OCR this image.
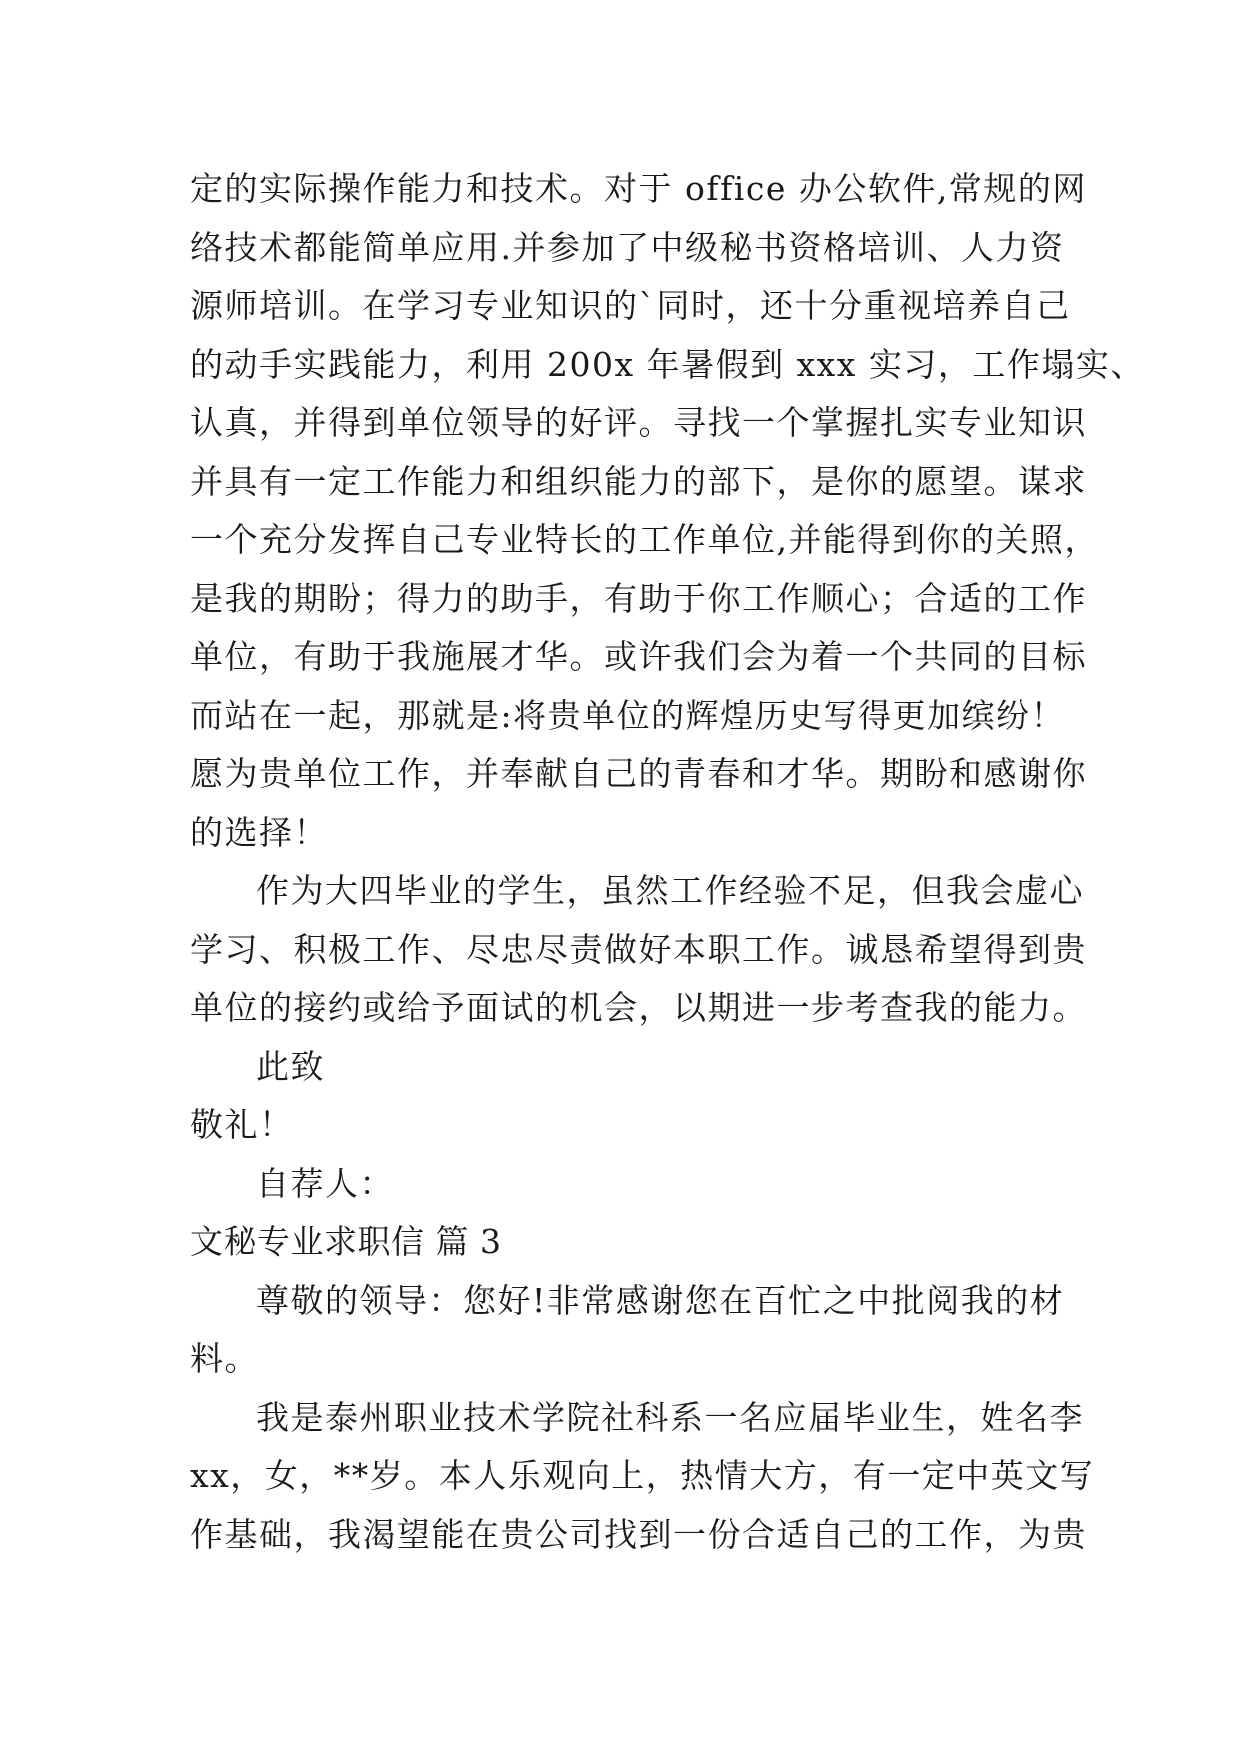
定的实际操作能力和技术。对于 office 办公软件,常规的网
络技术都能简单应用.并参加了中级秘书资格培训、人力资
源师培训。在学习专业知识的`同时，还十分重视培养自己
的动手实践能力，利用 200x 年暑假到 xxx 实习，工作塌实、
认真，并得到单位领导的好评。寻找一个掌握扎实专业知识
并具有一定工作能力和组织能力的部下，是你的愿望。谋求
一个充分发挥自己专业特长的工作单位,并能得到你的关照，
是我的期盼；得力的助手，有助于你工作顺心；合适的工作
单位，有助于我施展才华。或许我们会为着一个共同的目标
而站在一起，那就是:将贵单位的辉煌历史写得更加缤纷！
愿为贵单位工作，并奉献自己的青春和才华。期盼和感谢你
的选择！
作为大四毕业的学生，虽然工作经验不足，但我会虚心
学习、积极工作、尽忠尽责做好本职工作。诚恳希望得到贵
单位的接约或给予面试的机会，以期进一步考查我的能力。
此致
敬礼！
自荐人：
文秘专业求职信 篇 3
尊敬的领导：您好!非常感谢您在百忙之中批阅我的材
料。
我是泰州职业技术学院社科系一名应届毕业生，姓名李
xx，女，**岁。本人乐观向上，热情大方，有一定中英文写
作基础，我渴望能在贵公司找到一份合适自己的工作，为贵
